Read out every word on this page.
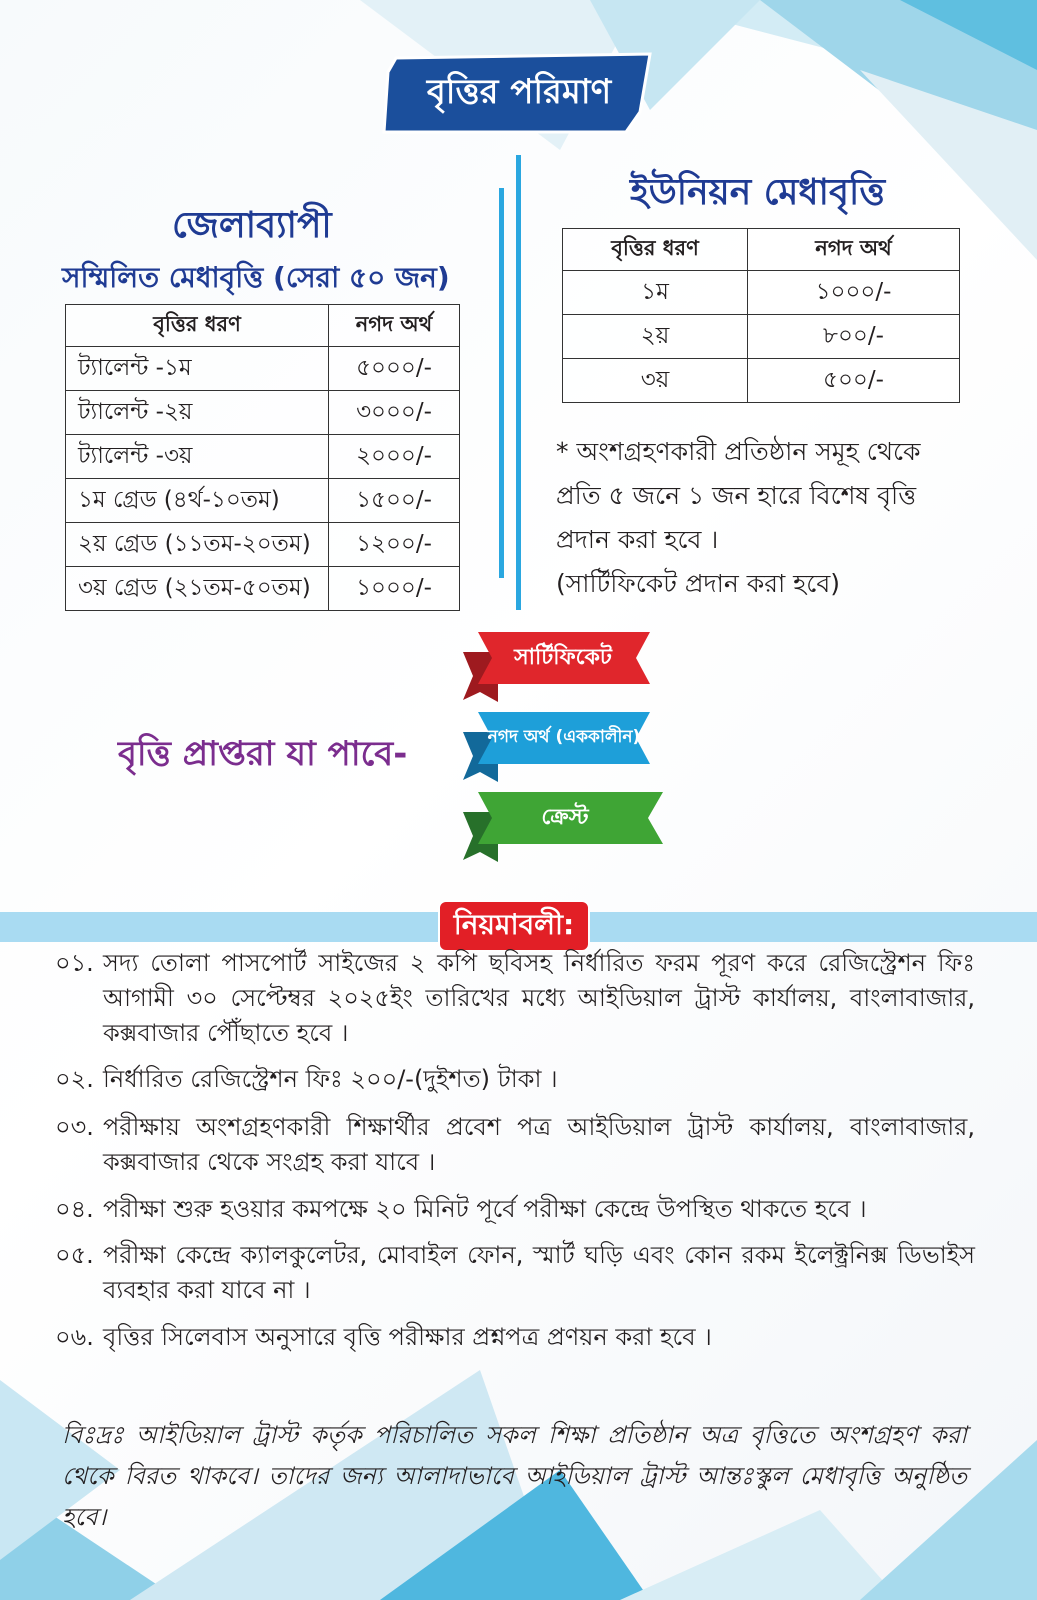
বৃত্তির পরিমাণ
জেলাব্যাপী
সম্মিলিত মেধাবৃত্তি (সেরা ৫০ জন)
বৃত্তির ধরণ	নগদ অর্থ
ট্যালেন্ট -১ম	৫০০০/-
ট্যালেন্ট -২য়	৩০০০/-
ট্যালেন্ট -৩য়	২০০০/-
১ম গ্রেড (৪র্থ-১০তম)	১৫০০/-
২য় গ্রেড (১১তম-২০তম)	১২০০/-
৩য় গ্রেড (২১তম-৫০তম)	১০০০/-
ইউনিয়ন মেধাবৃত্তি
বৃত্তির ধরণ	নগদ অর্থ
১ম	১০০০/-
২য়	৮০০/-
৩য়	৫০০/-
* অংশগ্রহণকারী প্রতিষ্ঠান সমূহ থেকে
প্রতি ৫ জনে ১ জন হারে বিশেষ বৃত্তি
প্রদান করা হবে ।
(সার্টিফিকেট প্রদান করা হবে)
বৃত্তি প্রাপ্তরা যা পাবে-
সার্টিফিকেট
নগদ অর্থ (এককালীন)
ক্রেস্ট
নিয়মাবলী:
০১. সদ্য তোলা পাসপোর্ট সাইজের ২ কপি ছবিসহ নির্ধারিত ফরম পূরণ করে রেজিস্ট্রেশন ফিঃ আগামী ৩০ সেপ্টেম্বর ২০২৫ইং তারিখের মধ্যে আইডিয়াল ট্রাস্ট কার্যালয়, বাংলাবাজার, কক্সবাজার পৌঁছাতে হবে ।
০২. নির্ধারিত রেজিস্ট্রেশন ফিঃ ২০০/-(দুইশত) টাকা ।
০৩. পরীক্ষায় অংশগ্রহণকারী শিক্ষার্থীর প্রবেশ পত্র আইডিয়াল ট্রাস্ট কার্যালয়, বাংলাবাজার, কক্সবাজার থেকে সংগ্রহ করা যাবে ।
০৪. পরীক্ষা শুরু হওয়ার কমপক্ষে ২০ মিনিট পূর্বে পরীক্ষা কেন্দ্রে উপস্থিত থাকতে হবে ।
০৫. পরীক্ষা কেন্দ্রে ক্যালকুলেটর, মোবাইল ফোন, স্মার্ট ঘড়ি এবং কোন রকম ইলেক্ট্রনিক্স ডিভাইস ব্যবহার করা যাবে না ।
০৬. বৃত্তির সিলেবাস অনুসারে বৃত্তি পরীক্ষার প্রশ্নপত্র প্রণয়ন করা হবে ।
বিঃদ্রঃ আইডিয়াল ট্রাস্ট কর্তৃক পরিচালিত সকল শিক্ষা প্রতিষ্ঠান অত্র বৃত্তিতে অংশগ্রহণ করা থেকে বিরত থাকবে। তাদের জন্য আলাদাভাবে আইডিয়াল ট্রাস্ট আন্তঃস্কুল মেধাবৃত্তি অনুষ্ঠিত হবে।
